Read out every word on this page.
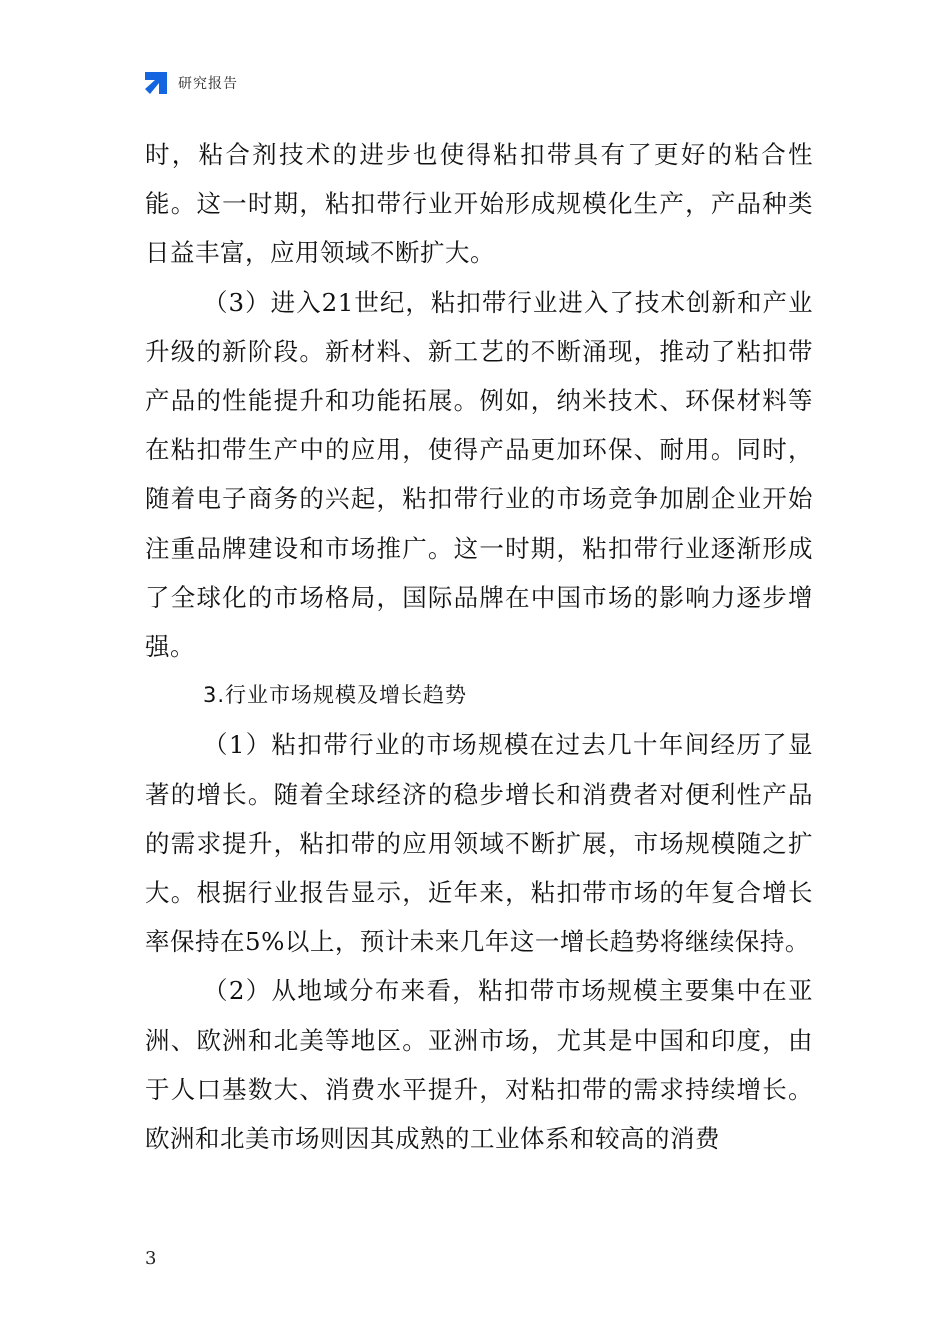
研究报告

时，粘合剂技术的进步也使得粘扣带具有了更好的粘合性能。这一时期，粘扣带行业开始形成规模化生产，产品种类日益丰富，应用领域不断扩大。

（3）进入21世纪，粘扣带行业进入了技术创新和产业升级的新阶段。新材料、新工艺的不断涌现，推动了粘扣带产品的性能提升和功能拓展。例如，纳米技术、环保材料等在粘扣带生产中的应用，使得产品更加环保、耐用。同时，随着电子商务的兴起，粘扣带行业的市场竞争加剧企业开始注重品牌建设和市场推广。这一时期，粘扣带行业逐渐形成了全球化的市场格局，国际品牌在中国市场的影响力逐步增强。

3.行业市场规模及增长趋势

（1）粘扣带行业的市场规模在过去几十年间经历了显著的增长。随着全球经济的稳步增长和消费者对便利性产品的需求提升，粘扣带的应用领域不断扩展，市场规模随之扩大。根据行业报告显示，近年来，粘扣带市场的年复合增长率保持在5%以上，预计未来几年这一增长趋势将继续保持。

（2）从地域分布来看，粘扣带市场规模主要集中在亚洲、欧洲和北美等地区。亚洲市场，尤其是中国和印度，由于人口基数大、消费水平提升，对粘扣带的需求持续增长。欧洲和北美市场则因其成熟的工业体系和较高的消费

3
